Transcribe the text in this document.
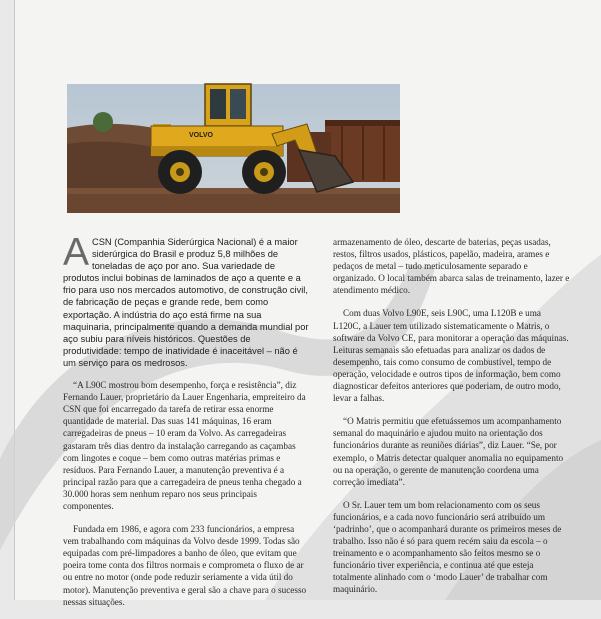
VOLVO
A CSN (Companhia Siderúrgica Nacional) é a maior siderúrgica do Brasil e produz 5,8 milhões de toneladas de aço por ano. Sua variedade de produtos inclui bobinas de laminados de aço a quente e a frio para uso nos mercados automotivo, de construção civil, de fabricação de peças e grande rede, bem como exportação. A indústria do aço está firme na sua maquinaria, principalmente quando a demanda mundial por aço subiu para níveis históricos. Questões de produtividade: tempo de inatividade é inaceitável – não é um serviço para os medrosos.

“A L90C mostrou bom desempenho, força e resistência”, diz Fernando Lauer, proprietário da Lauer Engenharia, empreiteiro da CSN que foi encarregado da tarefa de retirar essa enorme quantidade de material. Das suas 141 máquinas, 16 eram carregadeiras de pneus – 10 eram da Volvo. As carregadeiras gastaram três dias dentro da instalação carregando as caçambas com lingotes e coque – bem como outras matérias primas e resíduos. Para Fernando Lauer, a manutenção preventiva é a principal razão para que a carregadeira de pneus tenha chegado a 30.000 horas sem nenhum reparo nos seus principais componentes.

Fundada em 1986, e agora com 233 funcionários, a empresa vem trabalhando com máquinas da Volvo desde 1999. Todas são equipadas com pré-limpadores a banho de óleo, que evitam que poeira tome conta dos filtros normais e comprometa o fluxo de ar ou entre no motor (onde pode reduzir seriamente a vida útil do motor). Manutenção preventiva e geral são a chave para o sucesso nessas situações.

armazenamento de óleo, descarte de baterias, peças usadas, restos, filtros usados, plásticos, papelão, madeira, arames e pedaços de metal – tudo meticulosamente separado e organizado. O local também abarca salas de treinamento, lazer e atendimento médico.

Com duas Volvo L90E, seis L90C, uma L120B e uma L120C, a Lauer tem utilizado sistematicamente o Matris, o software da Volvo CE, para monitorar a operação das máquinas. Leituras semanais são efetuadas para analizar os dados de desempenho, tais como consumo de combustível, tempo de operação, velocidade e outros tipos de informação, bem como diagnosticar defeitos anteriores que poderiam, de outro modo, levar a falhas.

“O Matris permitiu que efetuássemos um acompanhamento semanal do maquinário e ajudou muito na orientação dos funcionários durante as reuniões diárias”, diz Lauer. “Se, por exemplo, o Matris detectar qualquer anomalia no equipamento ou na operação, o gerente de manutenção coordena uma correção imediata”.

O Sr. Lauer tem um bom relacionamento com os seus funcionários, e a cada novo funcionário será atribuído um ‘padrinho’, que o acompanhará durante os primeiros meses de trabalho. Isso não é só para quem recém saiu da escola – o treinamento e o acompanhamento são feitos mesmo se o funcionário tiver experiência, e continua até que esteja totalmente alinhado com o ‘modo Lauer’ de trabalhar com maquinário.
